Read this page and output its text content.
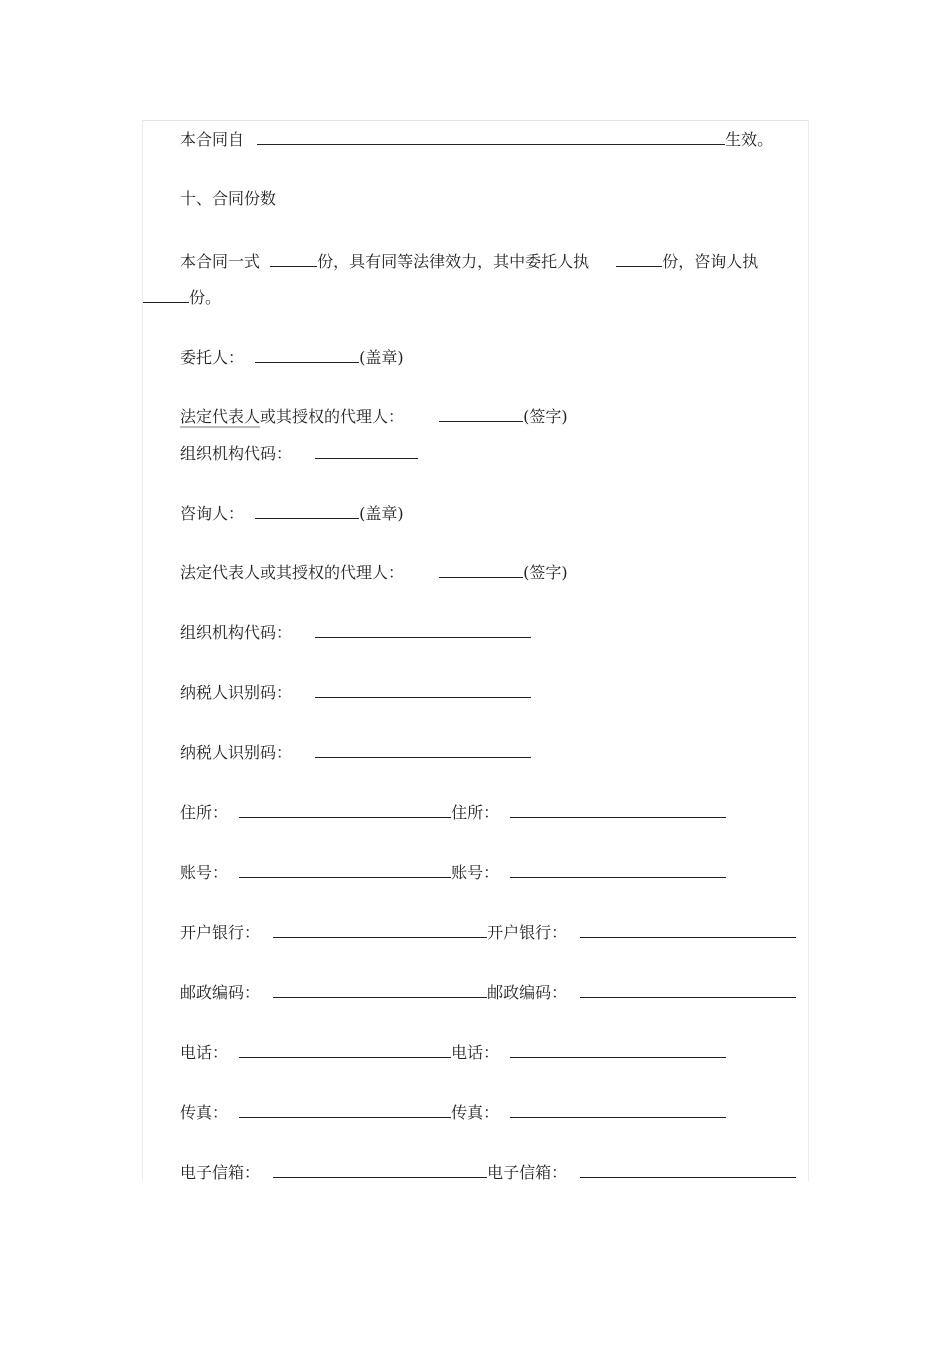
本合同自	生效。
十、合同份数
本合同一式	份，具有同等法律效力，其中委托人执	份，咨询人执
份。
委托人：	(盖章)
法定代表人或其授权的代理人：	(签字)
组织机构代码：
咨询人：	(盖章)
法定代表人或其授权的代理人：	(签字)
组织机构代码：
纳税人识别码：
纳税人识别码：
住所：	住所：
账号：	账号：
开户银行：	开户银行：
邮政编码：	邮政编码：
电话：	电话：
传真：	传真：
电子信箱：	电子信箱：
